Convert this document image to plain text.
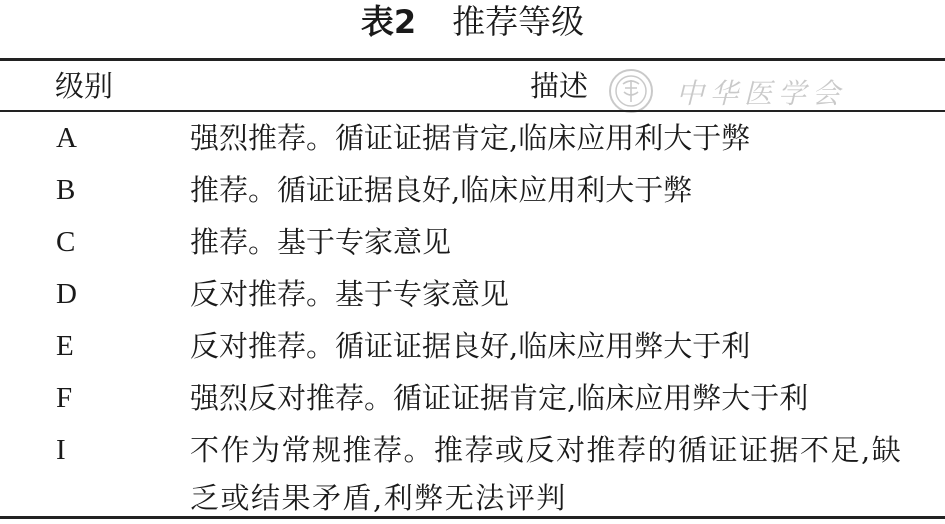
表2 推荐等级
级别	描述	中华医学会
A	强烈推荐。循证证据肯定,临床应用利大于弊
B	推荐。循证证据良好,临床应用利大于弊
C	推荐。基于专家意见
D	反对推荐。基于专家意见
E	反对推荐。循证证据良好,临床应用弊大于利
F	强烈反对推荐。循证证据肯定,临床应用弊大于利
I	不作为常规推荐。推荐或反对推荐的循证证据不足,缺乏或结果矛盾,利弊无法评判
